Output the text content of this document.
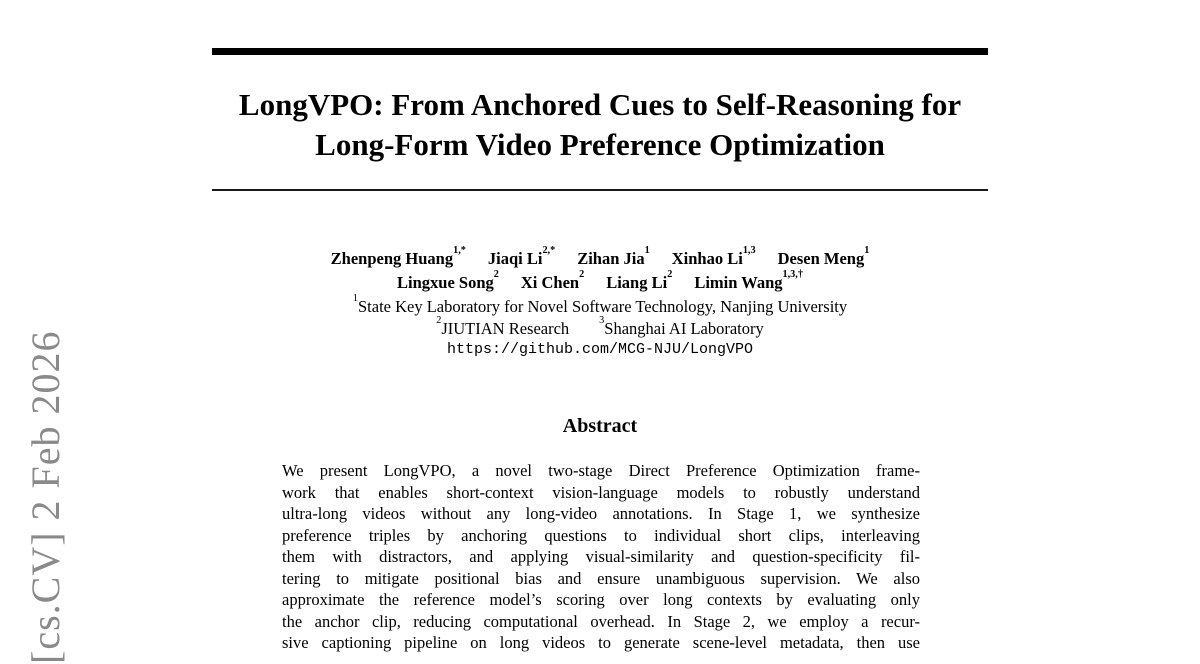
[cs.CV] 2 Feb 2026
LongVPO: From Anchored Cues to Self-Reasoning for
Long-Form Video Preference Optimization
Zhenpeng Huang$^{1,*}$ Jiaqi $Li^{2,*}$ Zihan Jia$^1$ Xinhao Li$^{1,3}$ Desen Meng$^1$
Lingxue Song$^2$ Xi Chen$^2$ Liang Li$^2$ Limin Wang$^{1,3,\dagger}$
$^1$State Key Laboratory for Novel Software Technology, Nanjing University
$^2$JIUTIAN Research	$^3$Shanghai AI Laboratory
https://github.com/MCG-NJU/LongVPO
Abstract
We present LongVPO, a novel two-stage Direct Preference Optimization frame-
work that enables short-context vision-language models to robustly understand
ultra-long videos without any long-video annotations. In Stage 1, we synthesize
preference triples by anchoring questions to individual short clips, interleaving
them with distractors, and applying visual-similarity and question-specificity fil-
tering to mitigate positional bias and ensure unambiguous supervision. We also
approximate the reference model’s scoring over long contexts by evaluating only
the anchor clip, reducing computational overhead. In Stage 2, we employ a recur-
sive captioning pipeline on long videos to generate scene-level metadata, then use
